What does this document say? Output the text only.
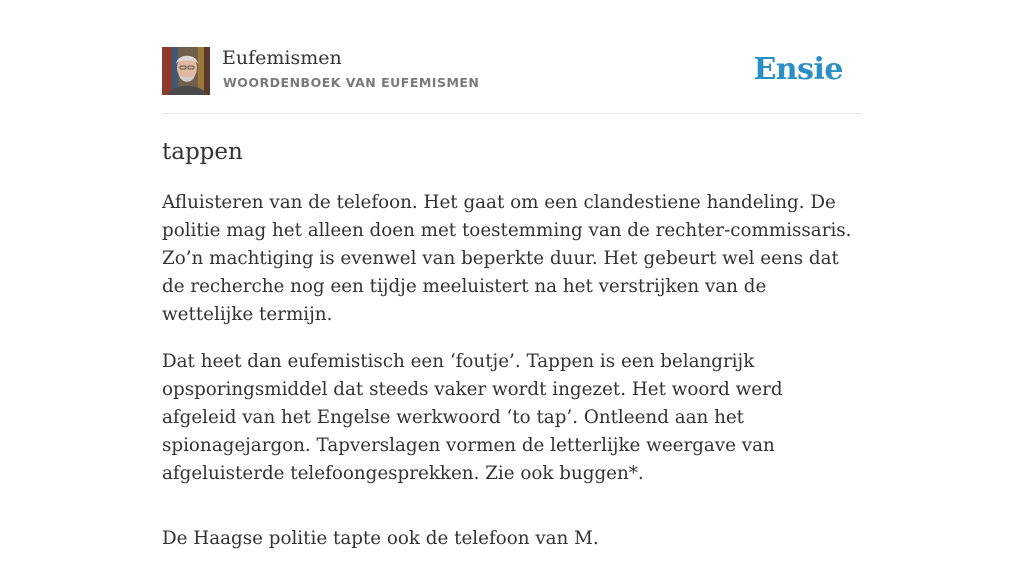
Eufemismen
WOORDENBOEK VAN EUFEMISMEN	Ensie
tappen

Afluisteren van de telefoon. Het gaat om een clandestiene handeling. De politie mag het alleen doen met toestemming van de rechter-commissaris. Zo’n machtiging is evenwel van beperkte duur. Het gebeurt wel eens dat de recherche nog een tijdje meeluistert na het verstrijken van de wettelijke termijn.

Dat heet dan eufemistisch een ‘foutje’. Tappen is een belangrijk opsporingsmiddel dat steeds vaker wordt ingezet. Het woord werd afgeleid van het Engelse werkwoord ‘to tap’. Ontleend aan het spionagejargon. Tapverslagen vormen de letterlijke weergave van afgeluisterde telefoongesprekken. Zie ook buggen*.

De Haagse politie tapte ook de telefoon van M.
